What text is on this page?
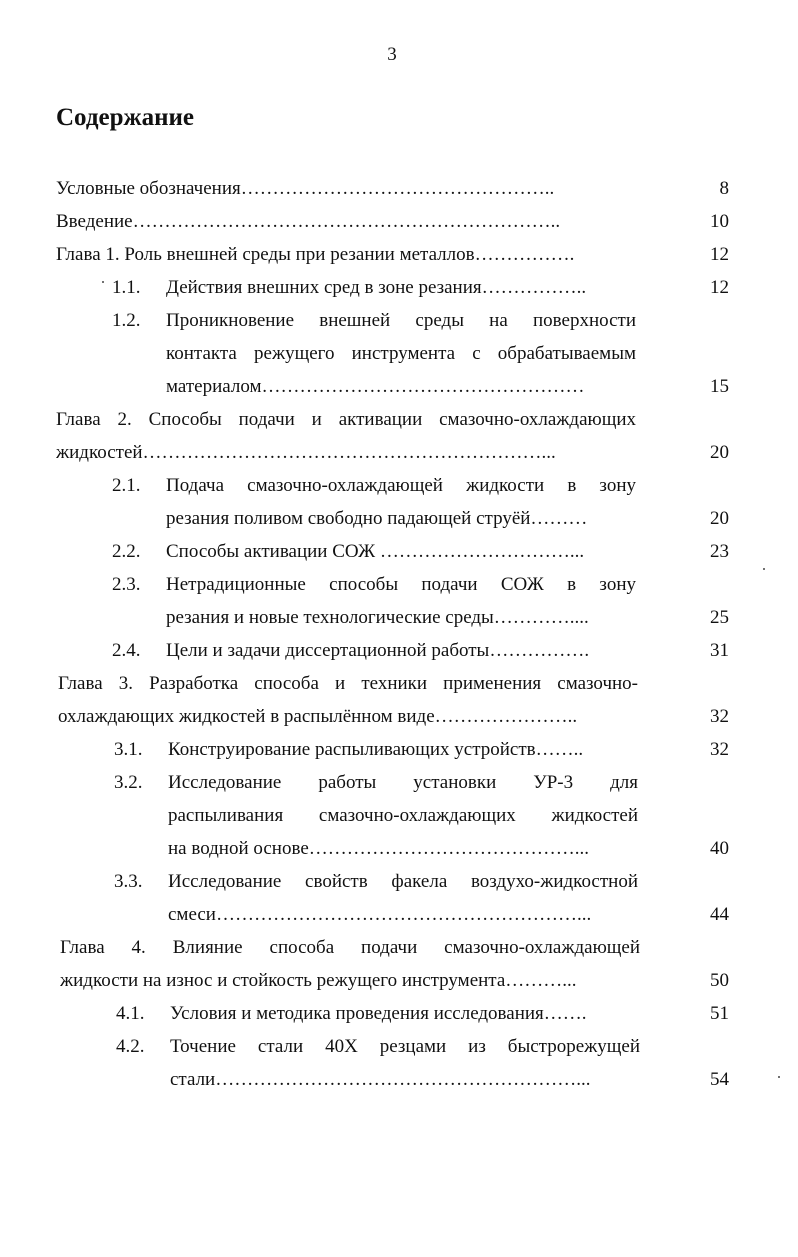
3
Содержание
Условные обозначения…………………………………………..	8
Введение…………………………………………………………..	10
Глава 1. Роль внешней среды при резании металлов…………….	12
1.1. Действия внешних сред в зоне резания……………..	12
1.2. Проникновение внешней среды на поверхности
контакта режущего инструмента с обрабатываемым
материалом……………………………………………	15
Глава 2. Способы подачи и активации смазочно-охлаждающих
жидкостей………………………………………………………...	20
2.1. Подача смазочно-охлаждающей жидкости в зону
резания поливом свободно падающей струёй………	20
2.2. Способы активации СОЖ …………………………...	23
2.3. Нетрадиционные способы подачи СОЖ в зону
резания и новые технологические среды…………....	25
2.4. Цели и задачи диссертационной работы…………….	31
Глава 3. Разработка способа и техники применения смазочно-
охлаждающих жидкостей в распылённом виде…………………..	32
3.1. Конструирование распыливающих устройств……..	32
3.2. Исследование работы установки УР-3 для
распыливания смазочно-охлаждающих жидкостей
на водной основе……………………………………...	40
3.3. Исследование свойств факела воздухо-жидкостной
смеси…………………………………………………...	44
Глава 4. Влияние способа подачи смазочно-охлаждающей
жидкости на износ и стойкость режущего инструмента………...	50
4.1. Условия и методика проведения исследования…….	51
4.2. Точение стали 40Х резцами из быстрорежущей
стали…………………………………………………...	54
